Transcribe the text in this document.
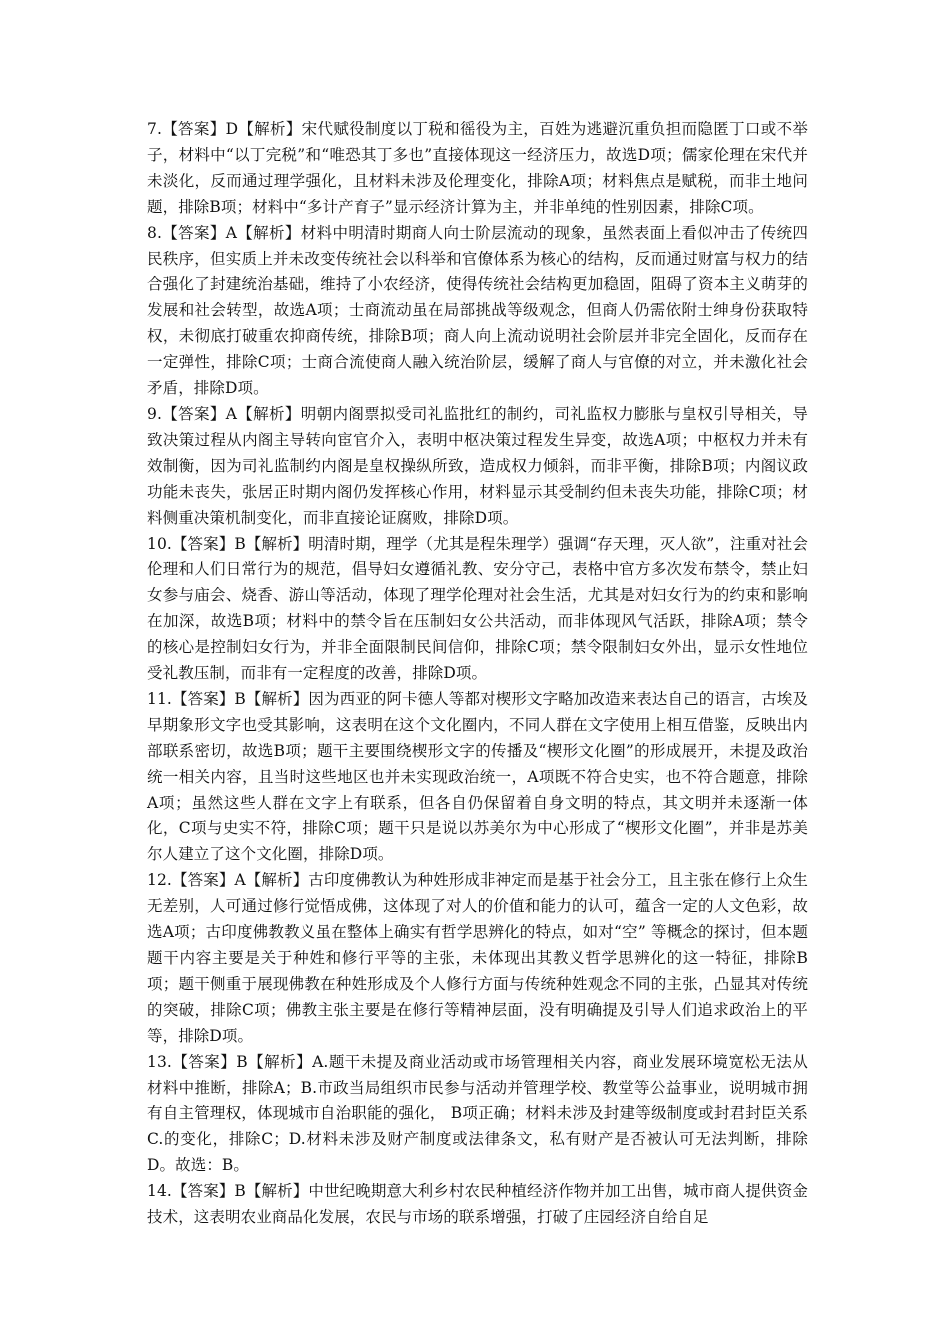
7.【答案】D【解析】宋代赋役制度以丁税和徭役为主，百姓为逃避沉重负担而隐匿丁口或不举子，材料中“以丁完税”和“唯恐其丁多也”直接体现这一经济压力，故选D项；儒家伦理在宋代并未淡化，反而通过理学强化，且材料未涉及伦理变化，排除A项；材料焦点是赋税，而非土地问题，排除B项；材料中“多计产育子”显示经济计算为主，并非单纯的性别因素，排除C项。

8.【答案】A【解析】材料中明清时期商人向士阶层流动的现象，虽然表面上看似冲击了传统四民秩序，但实质上并未改变传统社会以科举和官僚体系为核心的结构，反而通过财富与权力的结合强化了封建统治基础，维持了小农经济，使得传统社会结构更加稳固，阻碍了资本主义萌芽的发展和社会转型，故选A项；士商流动虽在局部挑战等级观念，但商人仍需依附士绅身份获取特权，未彻底打破重农抑商传统，排除B项；商人向上流动说明社会阶层并非完全固化，反而存在一定弹性，排除C项；士商合流使商人融入统治阶层，缓解了商人与官僚的对立，并未激化社会矛盾，排除D项。

9.【答案】A【解析】明朝内阁票拟受司礼监批红的制约，司礼监权力膨胀与皇权引导相关，导致决策过程从内阁主导转向宦官介入，表明中枢决策过程发生异变，故选A项；中枢权力并未有效制衡，因为司礼监制约内阁是皇权操纵所致，造成权力倾斜，而非平衡，排除B项；内阁议政功能未丧失，张居正时期内阁仍发挥核心作用，材料显示其受制约但未丧失功能，排除C项；材料侧重决策机制变化，而非直接论证腐败，排除D项。

10.【答案】B【解析】明清时期，理学（尤其是程朱理学）强调“存天理，灭人欲”，注重对社会伦理和人们日常行为的规范，倡导妇女遵循礼教、安分守己，表格中官方多次发布禁令，禁止妇女参与庙会、烧香、游山等活动，体现了理学伦理对社会生活，尤其是对妇女行为的约束和影响在加深，故选B项；材料中的禁令旨在压制妇女公共活动，而非体现风气活跃，排除A项；禁令的核心是控制妇女行为，并非全面限制民间信仰，排除C项；禁令限制妇女外出，显示女性地位受礼教压制，而非有一定程度的改善，排除D项。

11.【答案】B【解析】因为西亚的阿卡德人等都对楔形文字略加改造来表达自己的语言，古埃及早期象形文字也受其影响，这表明在这个文化圈内，不同人群在文字使用上相互借鉴，反映出内部联系密切，故选B项；题干主要围绕楔形文字的传播及“楔形文化圈”的形成展开，未提及政治统一相关内容，且当时这些地区也并未实现政治统一，A项既不符合史实，也不符合题意，排除A项；虽然这些人群在文字上有联系，但各自仍保留着自身文明的特点，其文明并未逐渐一体化，C项与史实不符，排除C项；题干只是说以苏美尔为中心形成了“楔形文化圈”，并非是苏美尔人建立了这个文化圈，排除D项。

12.【答案】A【解析】古印度佛教认为种姓形成非神定而是基于社会分工，且主张在修行上众生无差别，人可通过修行觉悟成佛，这体现了对人的价值和能力的认可，蕴含一定的人文色彩，故选A项；古印度佛教教义虽在整体上确实有哲学思辨化的特点，如对“空” 等概念的探讨，但本题题干内容主要是关于种姓和修行平等的主张，未体现出其教义哲学思辨化的这一特征，排除B项；题干侧重于展现佛教在种姓形成及个人修行方面与传统种姓观念不同的主张，凸显其对传统的突破，排除C项；佛教主张主要是在修行等精神层面，没有明确提及引导人们追求政治上的平等，排除D项。

13.【答案】B【解析】A.题干未提及商业活动或市场管理相关内容，商业发展环境宽松无法从材料中推断，排除A；B.市政当局组织市民参与活动并管理学校、教堂等公益事业，说明城市拥有自主管理权，体现城市自治职能的强化， B项正确；材料未涉及封建等级制度或封君封臣关系C.的变化，排除C；D.材料未涉及财产制度或法律条文，私有财产是否被认可无法判断，排除D。故选：B。

14.【答案】B【解析】中世纪晚期意大利乡村农民种植经济作物并加工出售，城市商人提供资金技术，这表明农业商品化发展，农民与市场的联系增强，打破了庄园经济自给自足
